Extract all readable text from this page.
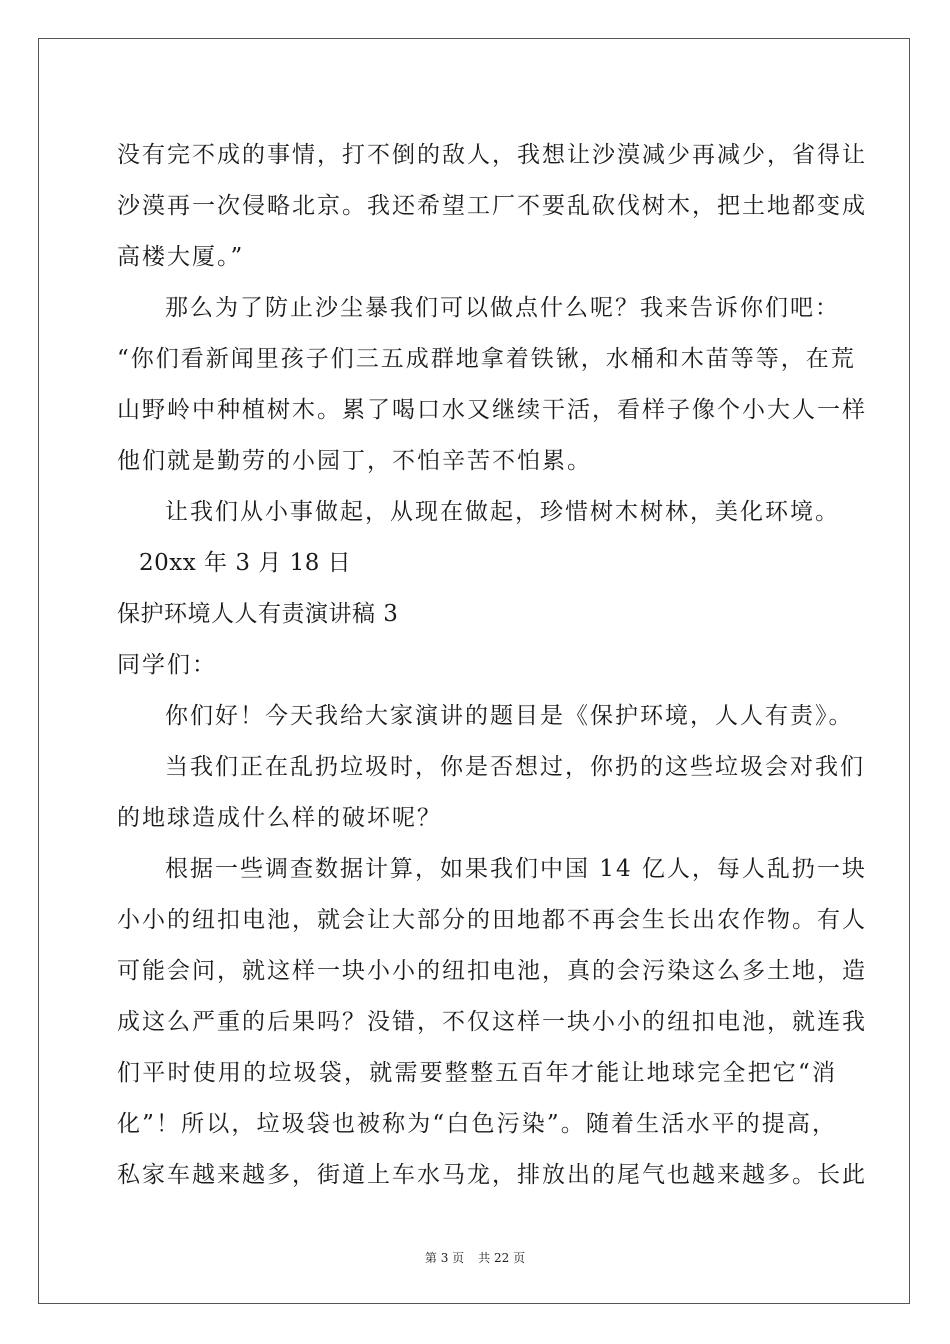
没有完不成的事情，打不倒的敌人，我想让沙漠减少再减少，省得让
沙漠再一次侵略北京。我还希望工厂不要乱砍伐树木，把土地都变成
高楼大厦。”
那么为了防止沙尘暴我们可以做点什么呢？我来告诉你们吧：
“你们看新闻里孩子们三五成群地拿着铁锹，水桶和木苗等等，在荒
山野岭中种植树木。累了喝口水又继续干活，看样子像个小大人一样
他们就是勤劳的小园丁，不怕辛苦不怕累。
让我们从小事做起，从现在做起，珍惜树木树林，美化环境。
20xx 年 3 月 18 日
保护环境人人有责演讲稿 3
同学们：
你们好！今天我给大家演讲的题目是《保护环境，人人有责》。
当我们正在乱扔垃圾时，你是否想过，你扔的这些垃圾会对我们
的地球造成什么样的破坏呢？
根据一些调查数据计算，如果我们中国 14 亿人，每人乱扔一块
小小的纽扣电池，就会让大部分的田地都不再会生长出农作物。有人
可能会问，就这样一块小小的纽扣电池，真的会污染这么多土地，造
成这么严重的后果吗？没错，不仅这样一块小小的纽扣电池，就连我
们平时使用的垃圾袋，就需要整整五百年才能让地球完全把它“消
化”！所以，垃圾袋也被称为“白色污染”。随着生活水平的提高，
私家车越来越多，街道上车水马龙，排放出的尾气也越来越多。长此
第 3 页 共 22 页
